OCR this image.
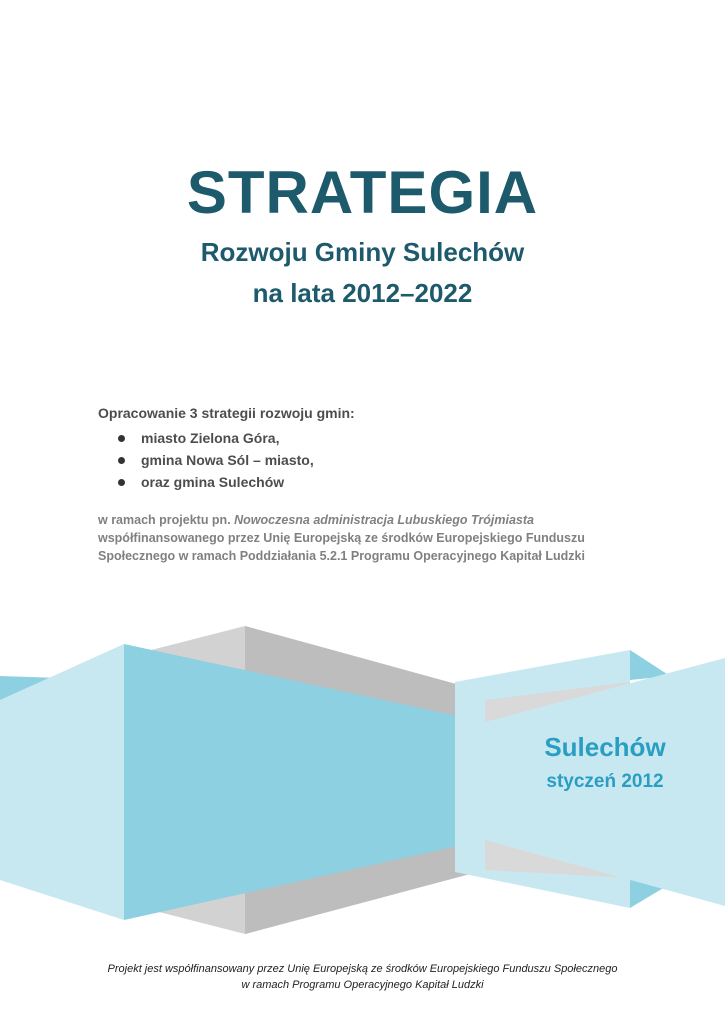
STRATEGIA
Rozwoju Gminy Sulechów
na lata 2012–2022
Opracowanie 3 strategii rozwoju gmin:
miasto Zielona Góra,
gmina Nowa Sól – miasto,
oraz gmina Sulechów
w ramach projektu pn. Nowoczesna administracja Lubuskiego Trójmiasta
współfinansowanego przez Unię Europejską ze środków Europejskiego Funduszu
Społecznego w ramach Poddziałania 5.2.1 Programu Operacyjnego Kapitał Ludzki
Sulechów
styczeń 2012
Projekt jest współfinansowany przez Unię Europejską ze środków Europejskiego Funduszu Społecznego
w ramach Programu Operacyjnego Kapitał Ludzki
